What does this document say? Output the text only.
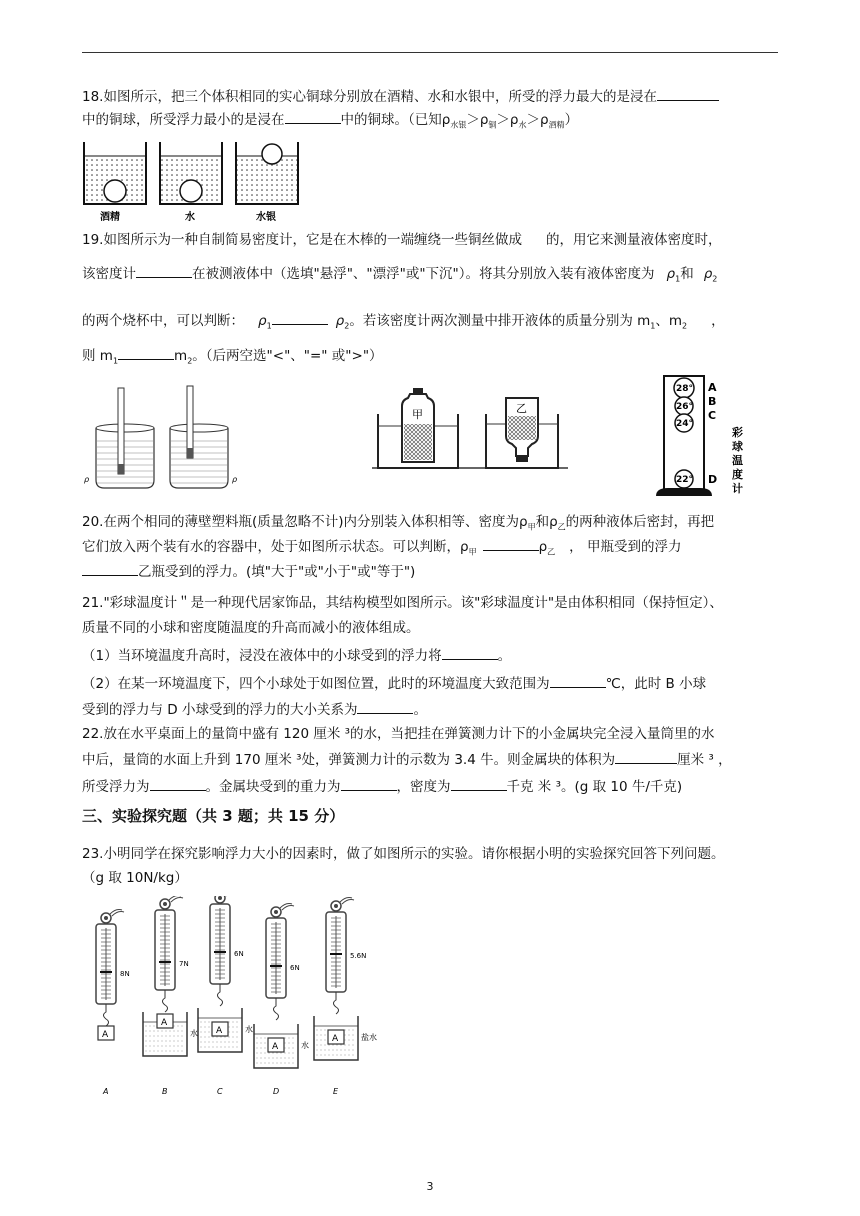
18.如图所示，把三个体积相同的实心铜球分别放在酒精、水和水银中，所受的浮力最大的是浸在
中的铜球，所受浮力最小的是浸在	中的铜球。（已知$\rho_{水银}>\rho_铜>\rho_水>\rho_{酒精}$）
酒精	水	水银
19.如图所示为一种自制简易密度计，它是在木棒的一端缠绕一些铜丝做成 的，用它来测量液体密度时，
该密度计	在被测液体中（选填"悬浮"、"漂浮"或"下沉"）。将其分别放入装有液体密度为 $\rho_1$和 $\rho_2$
的两个烧杯中，可以判断： $\rho_1$	$\rho_2$。若该密度计两次测量中排开液体的质量分别为 $m_1$、$m_2$ ，
则 $m_1$	$m_2$。（后两空选"<"、"=" 或">"）
ρ	ρ
甲	乙
28°
26°
24°
22°
A
B
C
D
彩
球
温
度
计
20.在两个相同的薄壁塑料瓶(质量忽略不计)内分别装入体积相等、密度为$\rho_甲$和$\rho_乙$的两种液体后密封，再把
它们放入两个装有水的容器中，处于如图所示状态。可以判断，$\rho_甲$	$\rho_乙$ ， 甲瓶受到的浮力
乙瓶受到的浮力。(填"大于"或"小于"或"等于")
21."彩球温度计＂是一种现代居家饰品，其结构模型如图所示。该"彩球温度计"是由体积相同（保持恒定）、
质量不同的小球和密度随温度的升高而减小的液体组成。
（1）当环境温度升高时，浸没在液体中的小球受到的浮力将	。
（2）在某一环境温度下，四个小球处于如图位置，此时的环境温度大致范围为	℃，此时 B 小球
受到的浮力与 D 小球受到的浮力的大小关系为	。
22.放在水平桌面上的量筒中盛有 120 厘米 ³的水，当把挂在弹簧测力计下的小金属块完全浸入量筒里的水
中后，量筒的水面上升到 170 厘米 ³处，弹簧测力计的示数为 3.4 牛。则金属块的体积为	厘米 ³ ，
所受浮力为	。金属块受到的重力为	，密度为	千克 米 ³。(g 取 10 牛/千克)
三、实验探究题（共 3 题；共 15 分）
23.小明同学在探究影响浮力大小的因素时，做了如图所示的实验。请你根据小明的实验探究回答下列问题。
（g 取 10N/kg）
8N
A
A
7N
A
水
B
6N
A	水
C
6N
A	水
D
5.6N
A	盐水
E
3
